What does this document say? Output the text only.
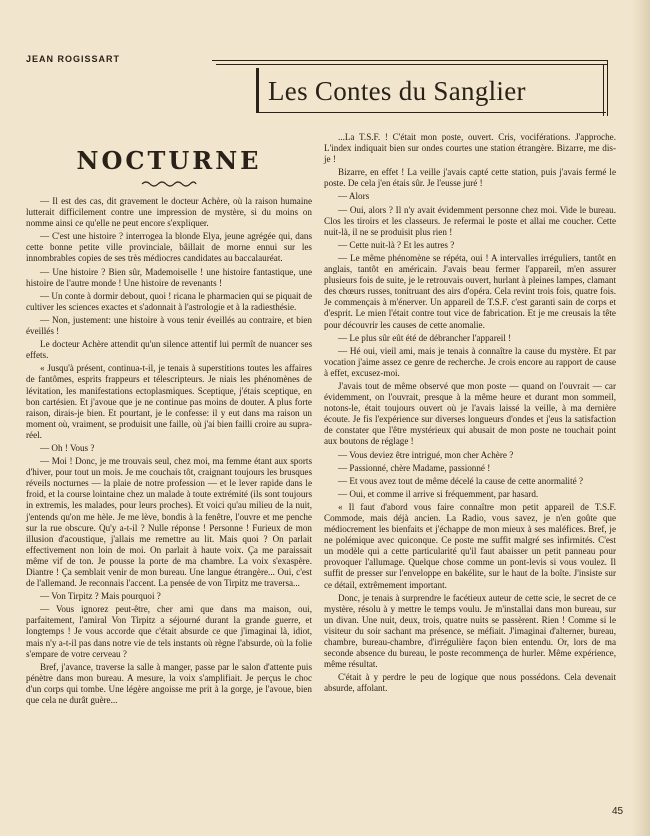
JEAN ROGISSART
Les Contes du Sanglier
NOCTURNE

— Il est des cas, dit gravement le docteur Achère, où la raison humaine lutterait difficilement contre une impression de mystère, si du moins on nomme ainsi ce qu'elle ne peut encore s'expliquer.

— C'est une histoire ? interrogea la blonde Elya, jeune agrégée qui, dans cette bonne petite ville provinciale, bâillait de morne ennui sur les innombrables copies de ses très médiocres candidates au baccalauréat.

— Une histoire ? Bien sûr, Mademoiselle ! une histoire fantastique, une histoire de l'autre monde ! Une histoire de revenants !

— Un conte à dormir debout, quoi ! ricana le pharmacien qui se piquait de cultiver les sciences exactes et s'adonnait à l'astrologie et à la radiesthésie.

— Non, justement: une histoire à vous tenir éveillés au contraire, et bien éveillés !

Le docteur Achère attendit qu'un silence attentif lui permît de nuancer ses effets.

« Jusqu'à présent, continua-t-il, je tenais à superstitions toutes les affaires de fantômes, esprits frappeurs et télescripteurs. Je niais les phénomènes de lévitation, les manifestations ectoplasmiques. Sceptique, j'étais sceptique, en bon cartésien. Et j'avoue que je ne continue pas moins de douter. A plus forte raison, dirais-je bien. Et pourtant, je le confesse: il y eut dans ma raison un moment où, vraiment, se produisit une faille, où j'ai bien failli croire au supra-réel.

— Oh ! Vous ?

— Moi ! Donc, je me trouvais seul, chez moi, ma femme étant aux sports d'hiver, pour tout un mois. Je me couchais tôt, craignant toujours les brusques réveils nocturnes — la plaie de notre profession — et le lever rapide dans le froid, et la course lointaine chez un malade à toute extrémité (ils sont toujours in extremis, les malades, pour leurs proches). Et voici qu'au milieu de la nuit, j'entends qu'on me hèle. Je me lève, bondis à la fenêtre, l'ouvre et me penche sur la rue obscure. Qu'y a-t-il ? Nulle réponse ! Personne ! Furieux de mon illusion d'acoustique, j'allais me remettre au lit. Mais quoi ? On parlait effectivement non loin de moi. On parlait à haute voix. Ça me paraissait même vif de ton. Je pousse la porte de ma chambre. La voix s'exaspère. Diantre ! Ça semblait venir de mon bureau. Une langue étrangère... Oui, c'est de l'allemand. Je reconnais l'accent. La pensée de von Tirpitz me traversa...

— Von Tirpitz ? Mais pourquoi ?

— Vous ignorez peut-être, cher ami que dans ma maison, oui, parfaitement, l'amiral Von Tirpitz a séjourné durant la grande guerre, et longtemps ! Je vous accorde que c'était absurde ce que j'imaginai là, idiot, mais n'y a-t-il pas dans notre vie de tels instants où règne l'absurde, où la folie s'empare de votre cerveau ?

Bref, j'avance, traverse la salle à manger, passe par le salon d'attente puis pénètre dans mon bureau. A mesure, la voix s'amplifiait. Je perçus le choc d'un corps qui tombe. Une légère angoisse me prit à la gorge, je l'avoue, bien que cela ne durât guère...

...La T.S.F. ! C'était mon poste, ouvert. Cris, vociférations. J'approche. L'index indiquait bien sur ondes courtes une station étrangère. Bizarre, me dis-je !

Bizarre, en effet ! La veille j'avais capté cette station, puis j'avais fermé le poste. De cela j'en étais sûr. Je l'eusse juré !

— Alors

— Oui, alors ? Il n'y avait évidemment personne chez moi. Vide le bureau. Clos les tiroirs et les classeurs. Je refermai le poste et allai me coucher. Cette nuit-là, il ne se produisit plus rien !

— Cette nuit-là ? Et les autres ?

— Le même phénomène se répéta, oui ! A intervalles irréguliers, tantôt en anglais, tantôt en américain. J'avais beau fermer l'appareil, m'en assurer plusieurs fois de suite, je le retrouvais ouvert, hurlant à pleines lampes, clamant des chœurs russes, tonitruant des airs d'opéra. Cela revint trois fois, quatre fois. Je commençais à m'énerver. Un appareil de T.S.F. c'est garanti sain de corps et d'esprit. Le mien l'était contre tout vice de fabrication. Et je me creusais la tête pour découvrir les causes de cette anomalie.

— Le plus sûr eût été de débrancher l'appareil !

— Hé oui, vieil ami, mais je tenais à connaître la cause du mystère. Et par vocation j'aime assez ce genre de recherche. Je crois encore au rapport de cause à effet, excusez-moi.

J'avais tout de même observé que mon poste — quand on l'ouvrait — car évidemment, on l'ouvrait, presque à la même heure et durant mon sommeil, notons-le, était toujours ouvert où je l'avais laissé la veille, à ma dernière écoute. Je fis l'expérience sur diverses longueurs d'ondes et j'eus la satisfaction de constater que l'être mystérieux qui abusait de mon poste ne touchait point aux boutons de réglage !

— Vous deviez être intrigué, mon cher Achère ?

— Passionné, chère Madame, passionné !

— Et vous avez tout de même décelé la cause de cette anormalité ?

— Oui, et comme il arrive si fréquemment, par hasard.

« Il faut d'abord vous faire connaître mon petit appareil de T.S.F. Commode, mais déjà ancien. La Radio, vous savez, je n'en goûte que médiocrement les bienfaits et j'échappe de mon mieux à ses maléfices. Bref, je ne polémique avec quiconque. Ce poste me suffit malgré ses infirmités. C'est un modèle qui a cette particularité qu'il faut abaisser un petit panneau pour provoquer l'allumage. Quelque chose comme un pont-levis si vous voulez. Il suffit de presser sur l'enveloppe en bakélite, sur le haut de la boîte. J'insiste sur ce détail, extrêmement important.

Donc, je tenais à surprendre le facétieux auteur de cette scie, le secret de ce mystère, résolu à y mettre le temps voulu. Je m'installai dans mon bureau, sur un divan. Une nuit, deux, trois, quatre nuits se passèrent. Rien ! Comme si le visiteur du soir sachant ma présence, se méfiait. J'imaginai d'alterner, bureau, chambre, bureau-chambre, d'irrégulière façon bien entendu. Or, lors de ma seconde absence du bureau, le poste recommença de hurler. Même expérience, même résultat.

C'était à y perdre le peu de logique que nous possédons. Cela devenait absurde, affolant.

45
